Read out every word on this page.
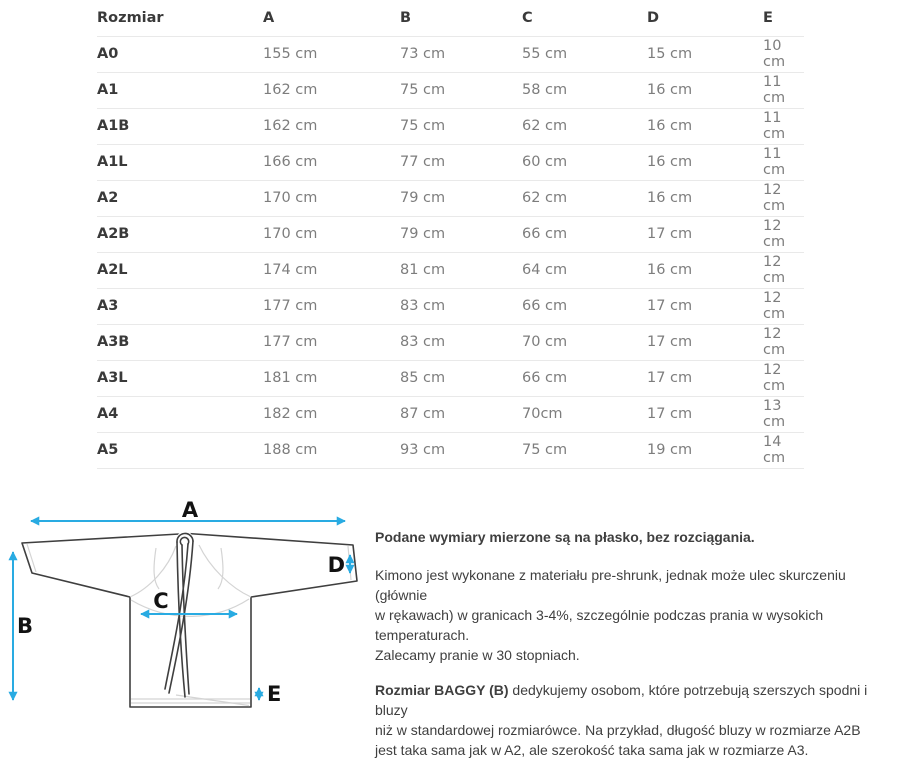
Rozmiar	A	B	C	D	E
A0	155 cm	73 cm	55 cm	15 cm	10 cm
A1	162 cm	75 cm	58 cm	16 cm	11 cm
A1B	162 cm	75 cm	62 cm	16 cm	11 cm
A1L	166 cm	77 cm	60 cm	16 cm	11 cm
A2	170 cm	79 cm	62 cm	16 cm	12 cm
A2B	170 cm	79 cm	66 cm	17 cm	12 cm
A2L	174 cm	81 cm	64 cm	16 cm	12 cm
A3	177 cm	83 cm	66 cm	17 cm	12 cm
A3B	177 cm	83 cm	70 cm	17 cm	12 cm
A3L	181 cm	85 cm	66 cm	17 cm	12 cm
A4	182 cm	87 cm	70cm	17 cm	13 cm
A5	188 cm	93 cm	75 cm	19 cm	14 cm
A
B
C
D
E

Podane wymiary mierzone są na płasko, bez rozciągania.

Kimono jest wykonane z materiału pre-shrunk, jednak może ulec skurczeniu (głównie
w rękawach) w granicach 3-4%, szczególnie podczas prania w wysokich temperaturach.
Zalecamy pranie w 30 stopniach.

Rozmiar BAGGY (B) dedykujemy osobom, które potrzebują szerszych spodni i bluzy
niż w standardowej rozmiarówce. Na przykład, długość bluzy w rozmiarze A2B
jest taka sama jak w A2, ale szerokość taka sama jak w rozmiarze A3.
